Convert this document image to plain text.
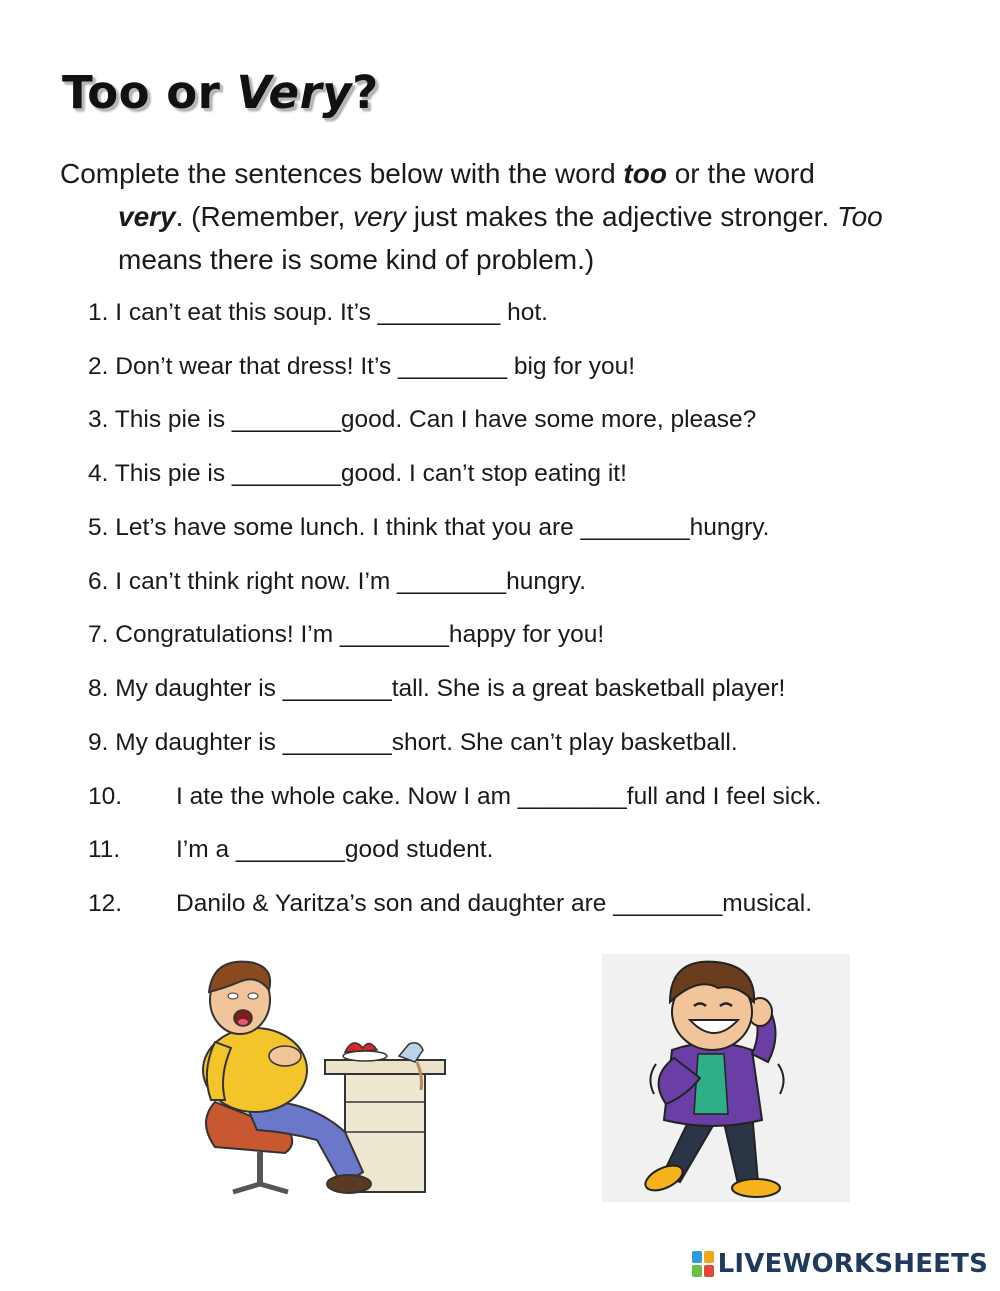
Too or Very?
Complete the sentences below with the word too or the word
very. (Remember, very just makes the adjective stronger. Too
means there is some kind of problem.)
1. I can’t eat this soup. It’s _________ hot.
2. Don’t wear that dress! It’s ________ big for you!
3. This pie is ________good. Can I have some more, please?
4. This pie is ________good. I can’t stop eating it!
5. Let’s have some lunch. I think that you are ________hungry.
6. I can’t think right now. I’m ________hungry.
7. Congratulations! I’m ________happy for you!
8. My daughter is ________tall. She is a great basketball player!
9. My daughter is ________short. She can’t play basketball.
10. I ate the whole cake. Now I am ________full and I feel sick.
11. I’m a ________good student.
12. Danilo & Yaritza’s son and daughter are ________musical.
LIVEWORKSHEETS
